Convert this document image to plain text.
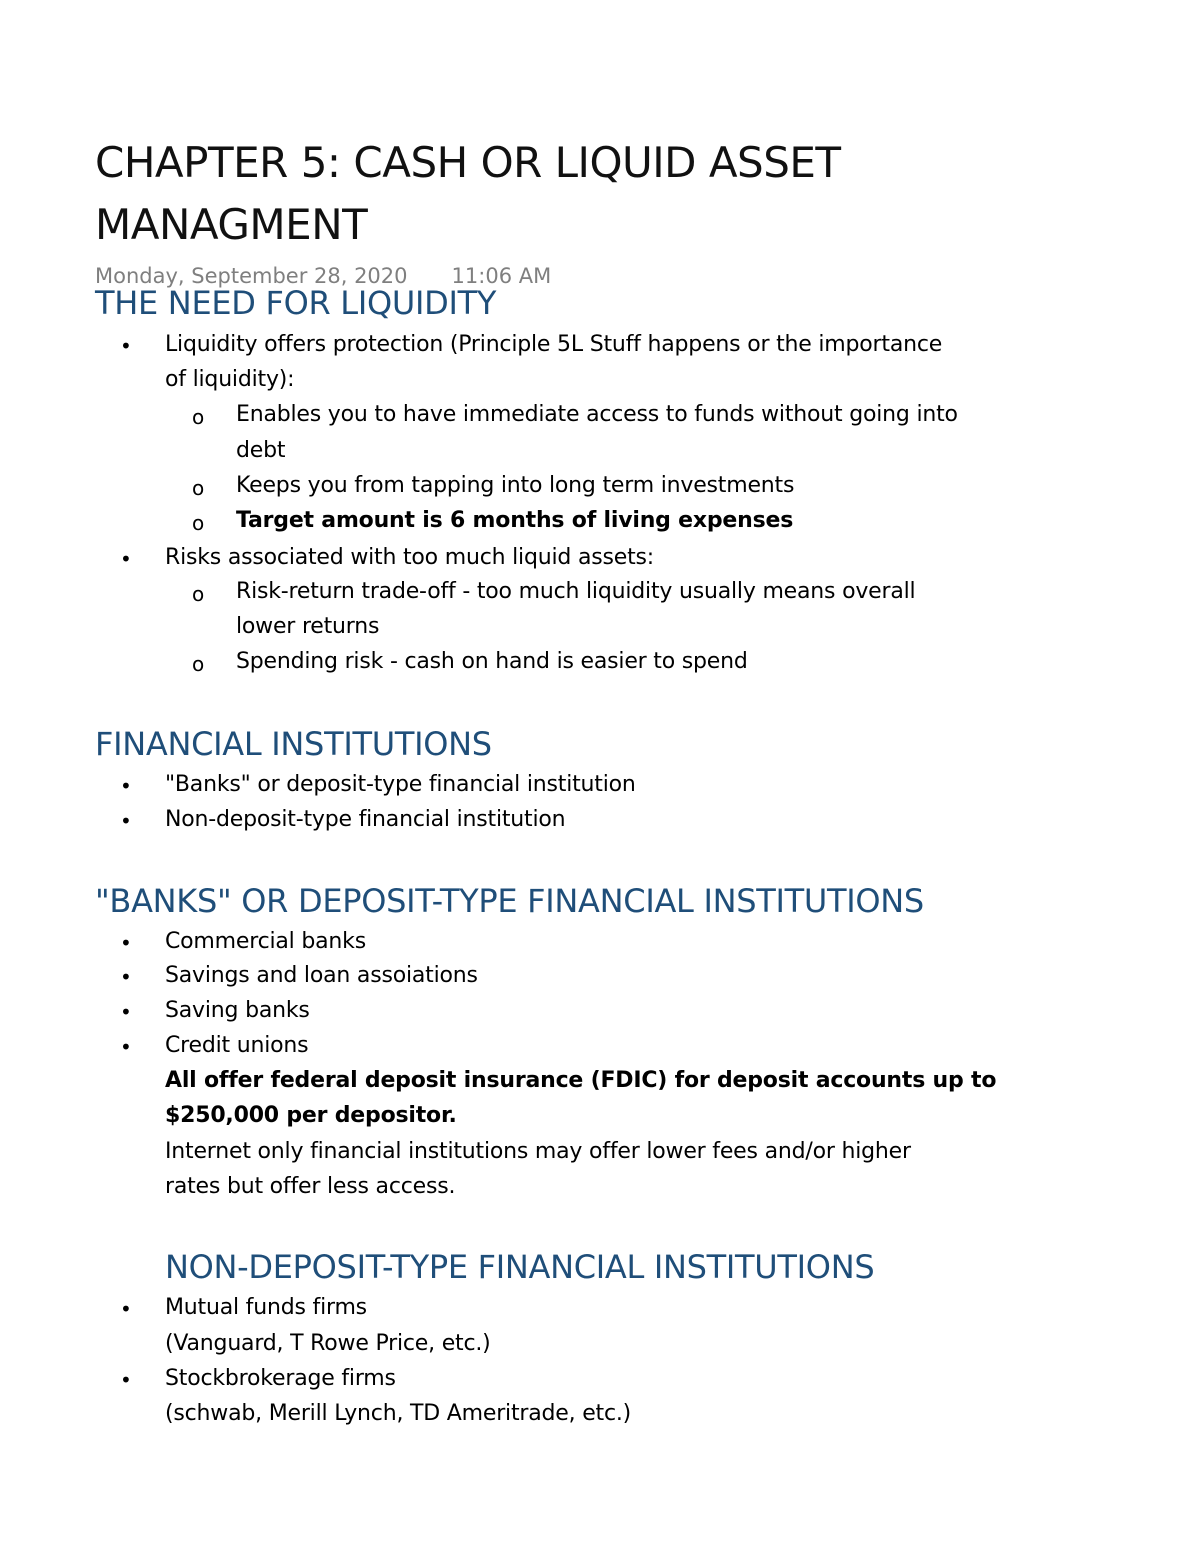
CHAPTER 5: CASH OR LIQUID ASSET MANAGMENT
Monday, September 28, 2020 11:06 AM
THE NEED FOR LIQUIDITY
• Liquidity offers protection (Principle 5L Stuff happens or the importance
of liquidity):
o Enables you to have immediate access to funds without going into
debt
o Keeps you from tapping into long term investments
o Target amount is 6 months of living expenses
• Risks associated with too much liquid assets:
o Risk-return trade-off - too much liquidity usually means overall
lower returns
o Spending risk - cash on hand is easier to spend
FINANCIAL INSTITUTIONS
• "Banks" or deposit-type financial institution
• Non-deposit-type financial institution
"BANKS" OR DEPOSIT-TYPE FINANCIAL INSTITUTIONS
• Commercial banks
• Savings and loan assoiations
• Saving banks
• Credit unions
All offer federal deposit insurance (FDIC) for deposit accounts up to
$250,000 per depositor.
Internet only financial institutions may offer lower fees and/or higher
rates but offer less access.
NON-DEPOSIT-TYPE FINANCIAL INSTITUTIONS
• Mutual funds firms
(Vanguard, T Rowe Price, etc.)
• Stockbrokerage firms
(schwab, Merill Lynch, TD Ameritrade, etc.)
